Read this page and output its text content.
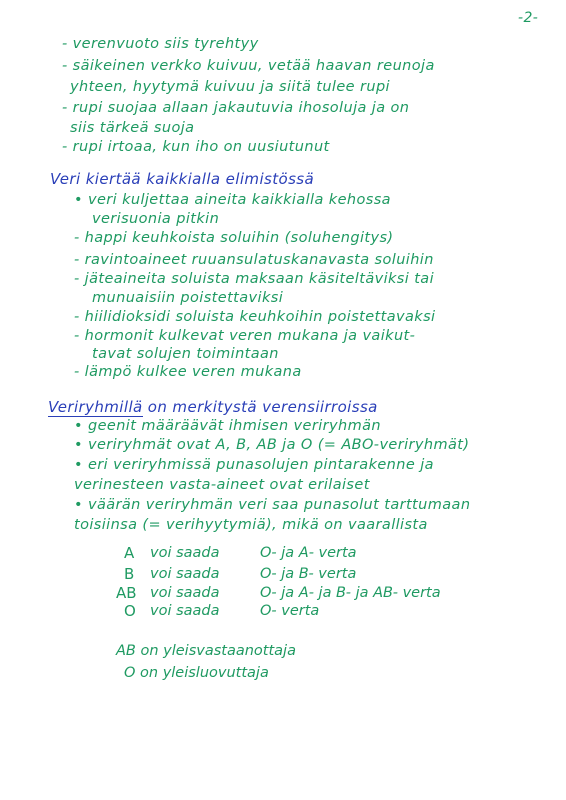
-2-
- verenvuoto siis tyrehtyy
- säikeinen verkko kuivuu, vetää haavan reunoja
yhteen, hyytymä kuivuu ja siitä tulee rupi
- rupi suojaa allaan jakautuvia ihosoluja ja on
siis tärkeä suoja
- rupi irtoaa, kun iho on uusiutunut
Veri kiertää kaikkialla elimistössä
• veri kuljettaa aineita kaikkialla kehossa
verisuonia pitkin
- happi keuhkoista soluihin (soluhengitys)
- ravintoaineet ruuansulatuskanavasta soluihin
- jäteaineita soluista maksaan käsiteltäviksi tai
munuaisiin poistettaviksi
- hiilidioksidi soluista keuhkoihin poistettavaksi
- hormonit kulkevat veren mukana ja vaikut-
tavat solujen toimintaan
- lämpö kulkee veren mukana
Veriryhmillä on merkitystä verensiirroissa
• geenit määräävät ihmisen veriryhmän
• veriryhmät ovat A, B, AB ja O (= ABO-veriryhmät)
• eri veriryhmissä punasolujen pintarakenne ja
verinesteen vasta-aineet ovat erilaiset
• väärän veriryhmän veri saa punasolut tarttumaan
toisiinsa (= verihyytymiä), mikä on vaarallista
A voi saada	O- ja A- verta
B voi saada	O- ja B- verta
AB voi saada	O- ja A- ja B- ja AB- verta
O voi saada	O- verta
AB on yleisvastaanottaja
O on yleisluovuttaja
